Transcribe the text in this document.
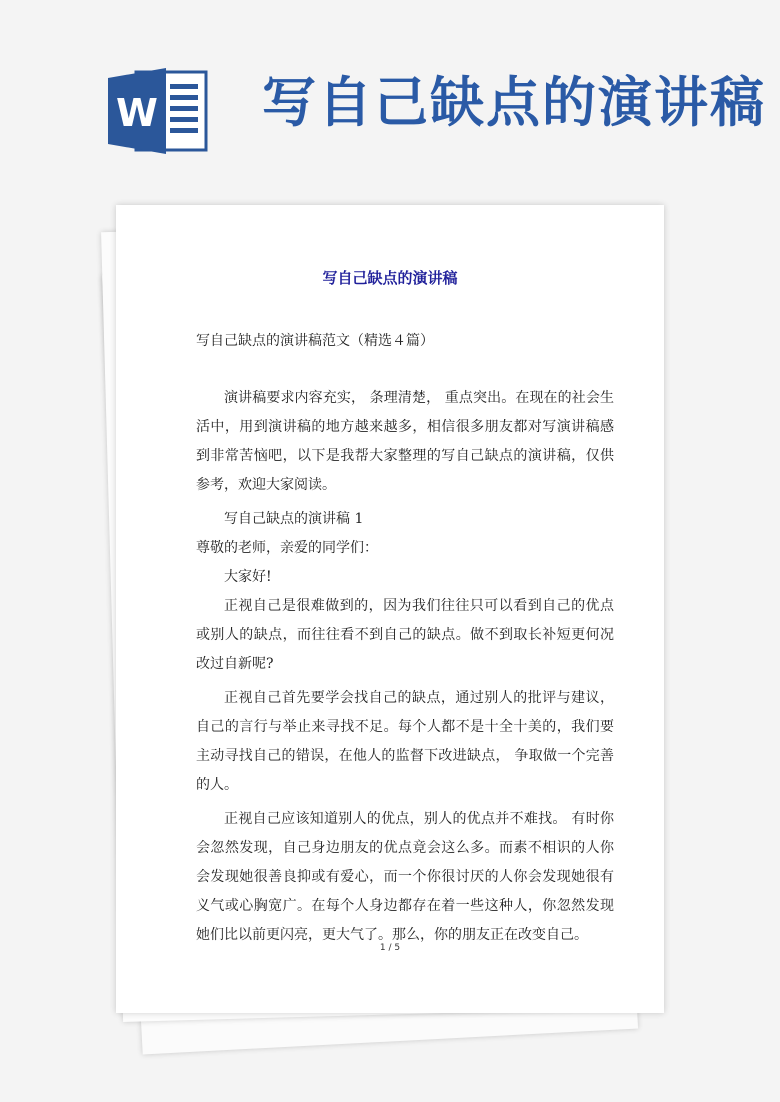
W 写自己缺点的演讲稿
写自己缺点的演讲稿

写自己缺点的演讲稿范文（精选４篇）

演讲稿要求内容充实， 条理清楚， 重点突出。在现在的社会生活中，用到演讲稿的地方越来越多，相信很多朋友都对写演讲稿感到非常苦恼吧，以下是我帮大家整理的写自己缺点的演讲稿，仅供参考，欢迎大家阅读。

写自己缺点的演讲稿 1

尊敬的老师，亲爱的同学们：

大家好!

正视自己是很难做到的，因为我们往往只可以看到自己的优点或别人的缺点，而往往看不到自己的缺点。做不到取长补短更何况改过自新呢?

正视自己首先要学会找自己的缺点，通过别人的批评与建议，自己的言行与举止来寻找不足。每个人都不是十全十美的，我们要主动寻找自己的错误，在他人的监督下改进缺点， 争取做一个完善的人。

正视自己应该知道别人的优点，别人的优点并不难找。 有时你会忽然发现，自己身边朋友的优点竟会这么多。而素不相识的人你会发现她很善良抑或有爱心，而一个你很讨厌的人你会发现她很有义气或心胸宽广。在每个人身边都存在着一些这种人，你忽然发现她们比以前更闪亮，更大气了。那么，你的朋友正在改变自己。

1 / 5
